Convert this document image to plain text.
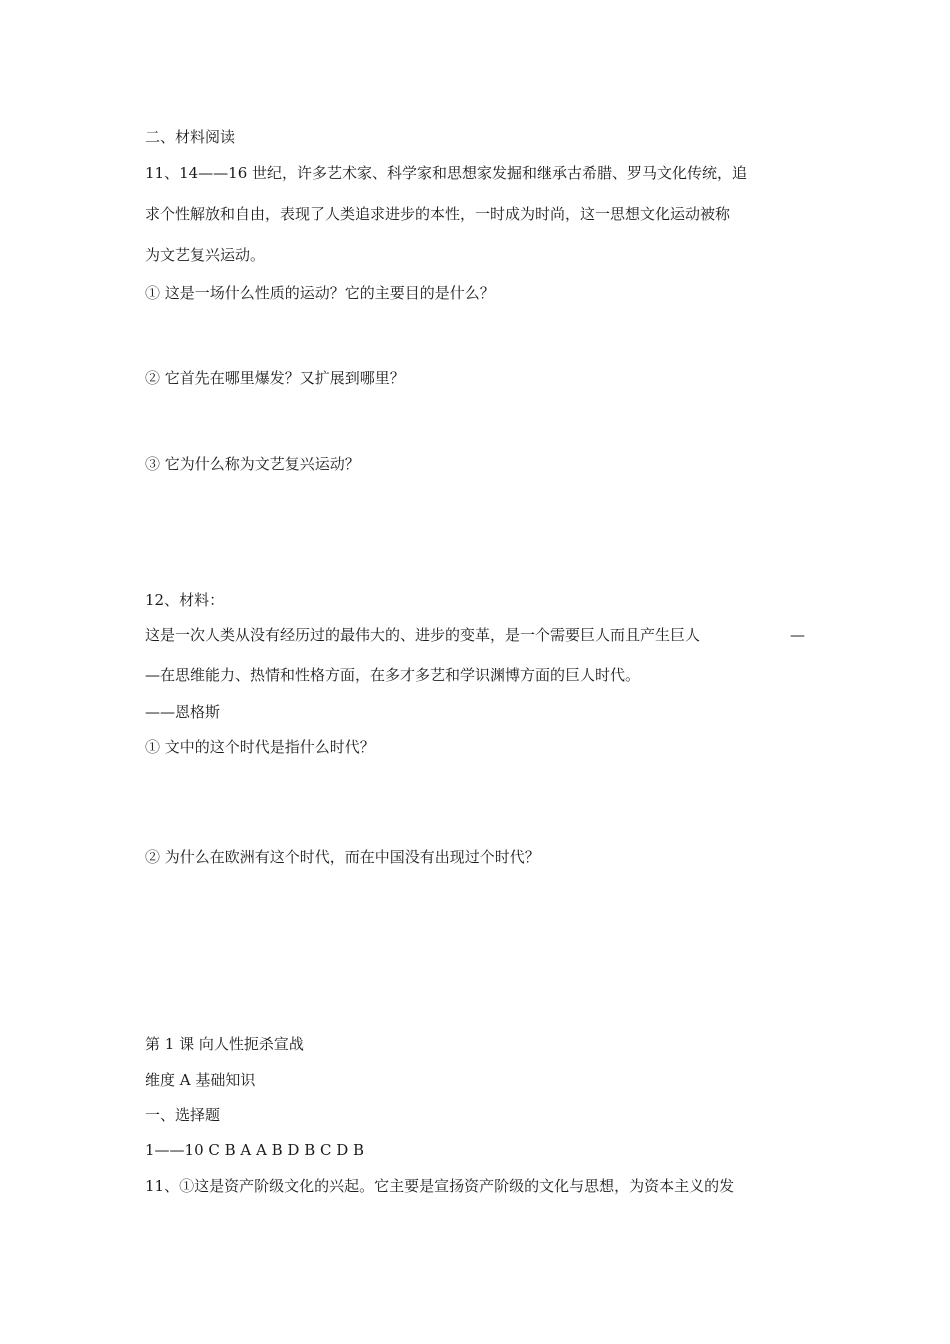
二、材料阅读
11、14——16 世纪，许多艺术家、科学家和思想家发掘和继承古希腊、罗马文化传统，追
求个性解放和自由，表现了人类追求进步的本性，一时成为时尚，这一思想文化运动被称
为文艺复兴运动。
① 这是一场什么性质的运动？它的主要目的是什么？
② 它首先在哪里爆发？又扩展到哪里？
③ 它为什么称为文艺复兴运动？
12、材料：
这是一次人类从没有经历过的最伟大的、进步的变革，是一个需要巨人而且产生巨人	—
—在思维能力、热情和性格方面，在多才多艺和学识渊博方面的巨人时代。
——恩格斯
① 文中的这个时代是指什么时代？
② 为什么在欧洲有这个时代，而在中国没有出现过个时代？
第 1 课 向人性扼杀宣战
维度 A 基础知识
一、选择题
1——10 C B A A B D B C D B
11、①这是资产阶级文化的兴起。它主要是宣扬资产阶级的文化与思想，为资本主义的发
